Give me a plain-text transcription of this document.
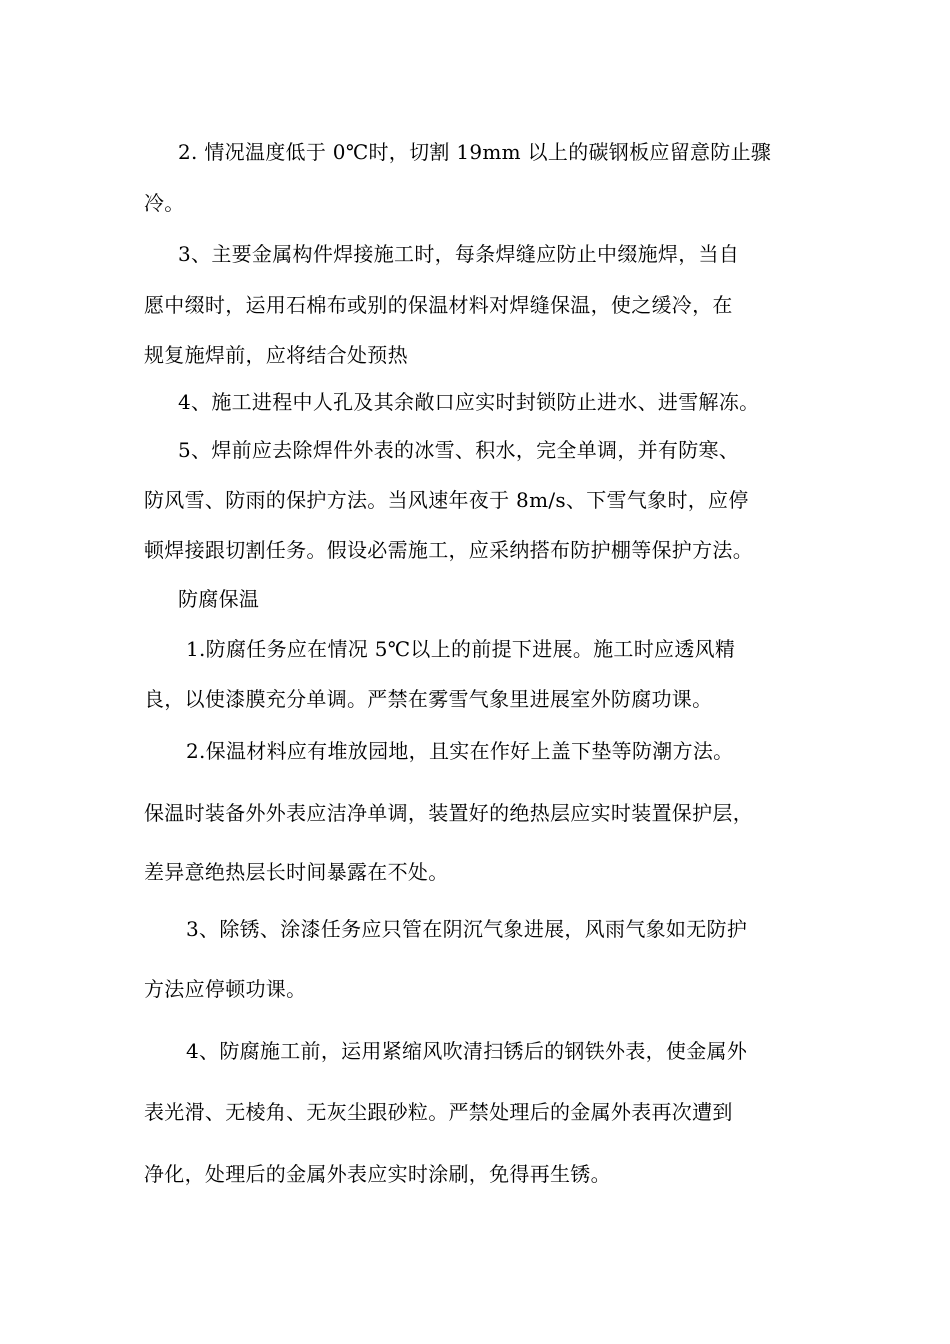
2. 情况温度低于 0℃时，切割 19mm 以上的碳钢板应留意防止骤
冷。
3、主要金属构件焊接施工时，每条焊缝应防止中缀施焊，当自
愿中缀时，运用石棉布或别的保温材料对焊缝保温，使之缓冷，在
规复施焊前，应将结合处预热
4、施工进程中人孔及其余敞口应实时封锁防止进水、进雪解冻。
5、焊前应去除焊件外表的冰雪、积水，完全单调，并有防寒、
防风雪、防雨的保护方法。当风速年夜于 8m/s、下雪气象时，应停
顿焊接跟切割任务。假设必需施工，应采纳搭布防护棚等保护方法。
防腐保温
1.防腐任务应在情况 5℃以上的前提下进展。施工时应透风精
良，以使漆膜充分单调。严禁在雾雪气象里进展室外防腐功课。
2.保温材料应有堆放园地，且实在作好上盖下垫等防潮方法。
保温时装备外外表应洁净单调，装置好的绝热层应实时装置保护层，
差异意绝热层长时间暴露在不处。
3、除锈、涂漆任务应只管在阴沉气象进展，风雨气象如无防护
方法应停顿功课。
4、防腐施工前，运用紧缩风吹清扫锈后的钢铁外表，使金属外
表光滑、无棱角、无灰尘跟砂粒。严禁处理后的金属外表再次遭到
净化，处理后的金属外表应实时涂刷，免得再生锈。
